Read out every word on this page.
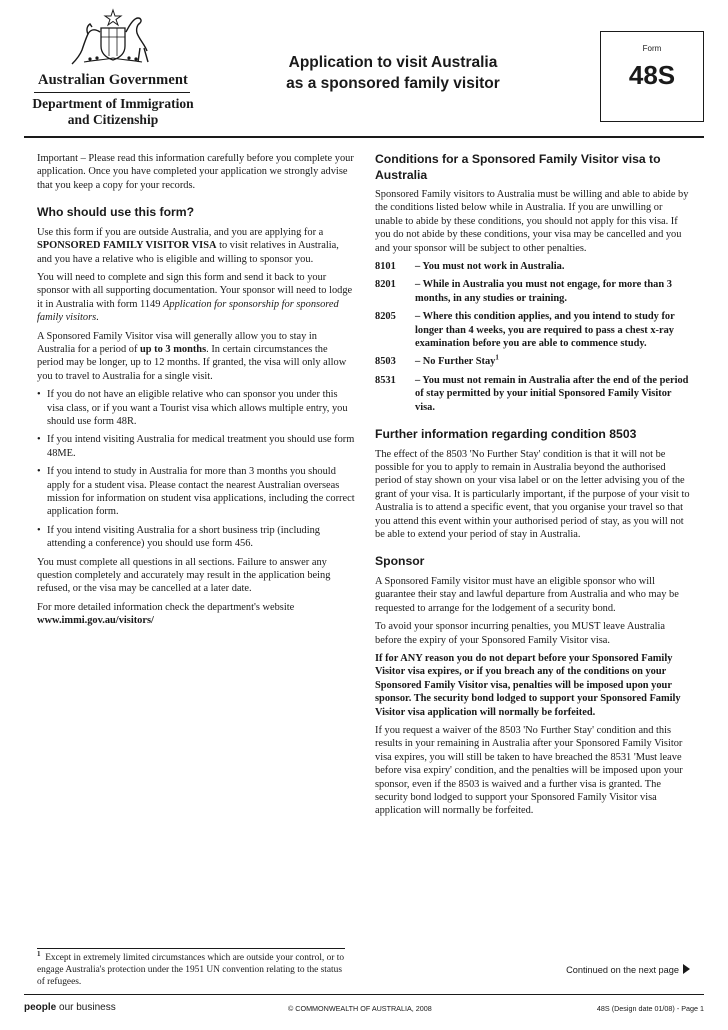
Australian Government
Department of Immigration
and Citizenship
Application to visit Australia
as a sponsored family visitor
Form
48S

Important – Please read this information carefully before you complete your application. Once you have completed your application we strongly advise that you keep a copy for your records.

Who should use this form?

Use this form if you are outside Australia, and you are applying for a SPONSORED FAMILY VISITOR VISA to visit relatives in Australia, and you have a relative who is eligible and willing to sponsor you.

You will need to complete and sign this form and send it back to your sponsor with all supporting documentation. Your sponsor will need to lodge it in Australia with form 1149 Application for sponsorship for sponsored family visitors.

A Sponsored Family Visitor visa will generally allow you to stay in Australia for a period of up to 3 months. In certain circumstances the period may be longer, up to 12 months. If granted, the visa will only allow you to travel to Australia for a single visit.

• If you do not have an eligible relative who can sponsor you under this visa class, or if you want a Tourist visa which allows multiple entry, you should use form 48R.
• If you intend visiting Australia for medical treatment you should use form 48ME.
• If you intend to study in Australia for more than 3 months you should apply for a student visa. Please contact the nearest Australian overseas mission for information on student visa applications, including the correct application form.
• If you intend visiting Australia for a short business trip (including attending a conference) you should use form 456.

You must complete all questions in all sections. Failure to answer any question completely and accurately may result in the application being refused, or the visa may be cancelled at a later date.

For more detailed information check the department's website
www.immi.gov.au/visitors/

Conditions for a Sponsored Family Visitor visa to Australia

Sponsored Family visitors to Australia must be willing and able to abide by the conditions listed below while in Australia. If you are unwilling or unable to abide by these conditions, you should not apply for this visa. If you do not abide by these conditions, your visa may be cancelled and you and your sponsor will be subject to other penalties.

8101	– You must not work in Australia.
8201	– While in Australia you must not engage, for more than 3 months, in any studies or training.
8205	– Where this condition applies, and you intend to study for longer than 4 weeks, you are required to pass a chest x-ray examination before you are able to commence study.
8503	– No Further Stay$^1$
8531	– You must not remain in Australia after the end of the period of stay permitted by your initial Sponsored Family Visitor visa.
Further information regarding condition 8503

The effect of the 8503 'No Further Stay' condition is that it will not be possible for you to apply to remain in Australia beyond the authorised period of stay shown on your visa label or on the letter advising you of the grant of your visa. It is particularly important, if the purpose of your visit to Australia is to attend a specific event, that you organise your travel so that you attend this event within your authorised period of stay, as you will not be able to extend your period of stay in Australia.

Sponsor

A Sponsored Family visitor must have an eligible sponsor who will guarantee their stay and lawful departure from Australia and who may be requested to arrange for the lodgement of a security bond.

To avoid your sponsor incurring penalties, you MUST leave Australia before the expiry of your Sponsored Family Visitor visa.

If for ANY reason you do not depart before your Sponsored Family Visitor visa expires, or if you breach any of the conditions on your Sponsored Family Visitor visa, penalties will be imposed upon your sponsor. The security bond lodged to support your Sponsored Family Visitor visa application will normally be forfeited.

If you request a waiver of the 8503 'No Further Stay' condition and this results in your remaining in Australia after your Sponsored Family Visitor visa expires, you will still be taken to have breached the 8531 'Must leave before visa expiry' condition, and the penalties will be imposed upon your sponsor, even if the 8503 is waived and a further visa is granted. The security bond lodged to support your Sponsored Family Visitor visa application will normally be forfeited.

$^1$ Except in extremely limited circumstances which are outside your control, or to engage Australia's protection under the 1951 UN convention relating to the status of refugees.
Continued on the next page
people our business	© COMMONWEALTH OF AUSTRALIA, 2008	48S (Design date 01/08) - Page 1
